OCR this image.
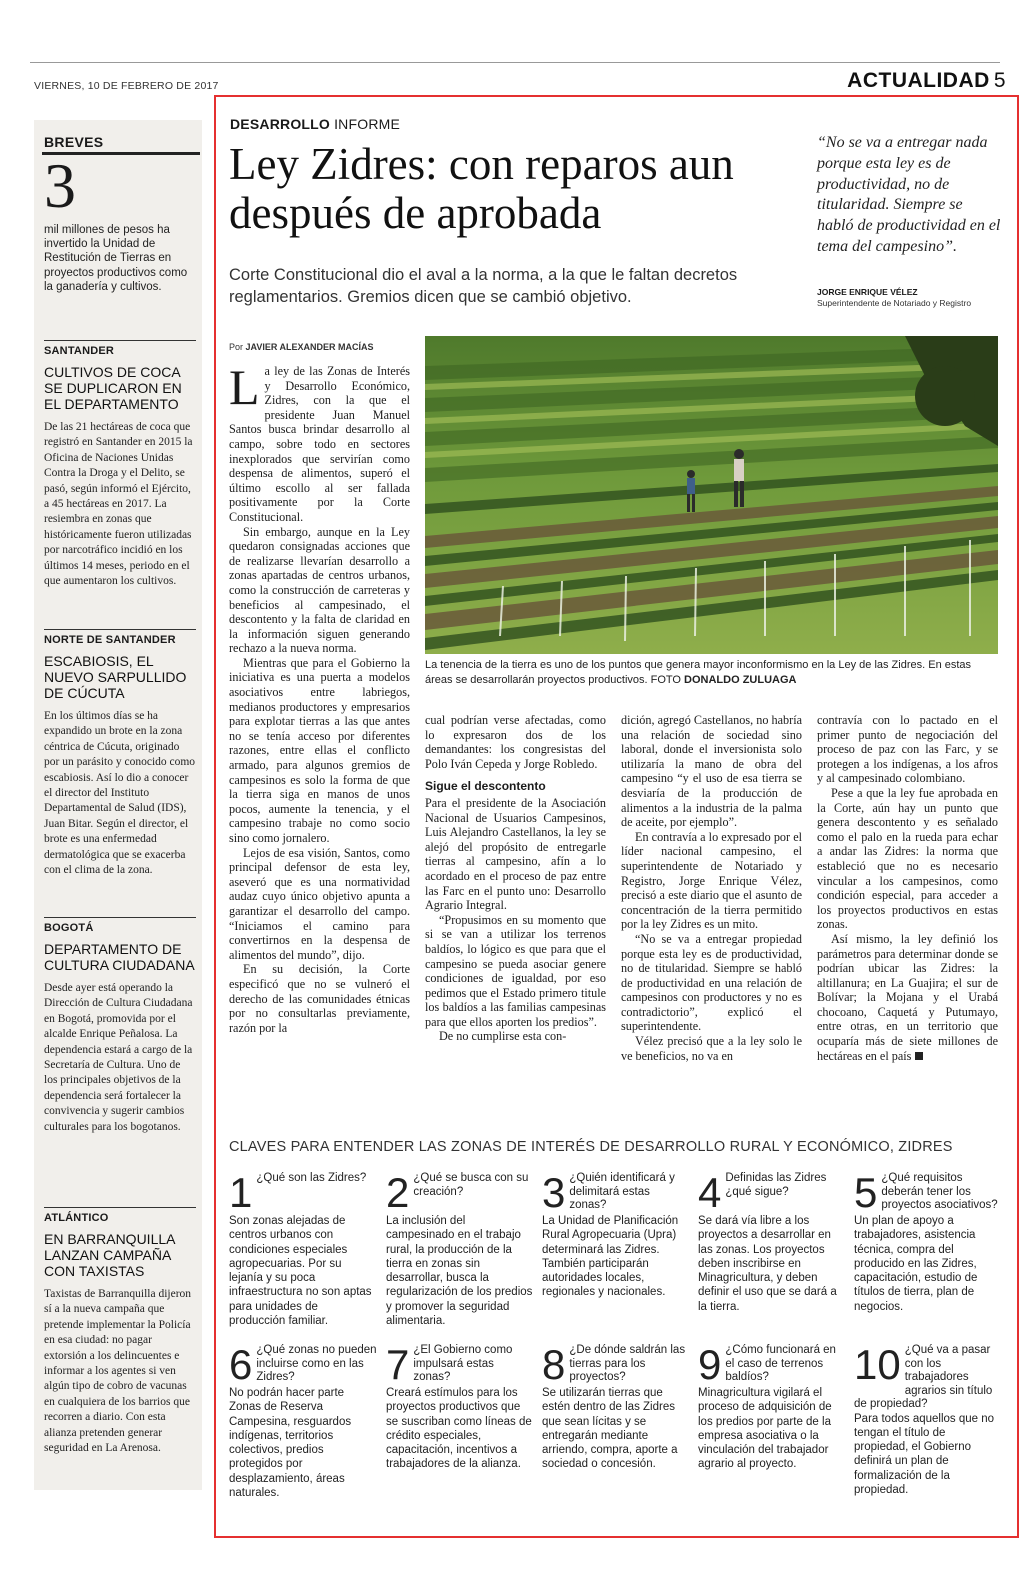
VIERNES, 10 DE FEBRERO DE 2017	ACTUALIDAD 5
BREVES
3
mil millones de pesos ha invertido la Unidad de Restitución de Tierras en proyectos productivos como la ganadería y cultivos.
SANTANDER
CULTIVOS DE COCA SE DUPLICARON EN EL DEPARTAMENTO
De las 21 hectáreas de coca que registró en Santander en 2015 la Oficina de Naciones Unidas Contra la Droga y el Delito, se pasó, según informó el Ejército, a 45 hectáreas en 2017. La resiembra en zonas que históricamente fueron utilizadas por narcotráfico incidió en los últimos 14 meses, periodo en el que aumentaron los cultivos.
NORTE DE SANTANDER
ESCABIOSIS, EL NUEVO SARPULLIDO DE CÚCUTA
En los últimos días se ha expandido un brote en la zona céntrica de Cúcuta, originado por un parásito y conocido como escabiosis. Así lo dio a conocer el director del Instituto Departamental de Salud (IDS), Juan Bitar. Según el director, el brote es una enfermedad dermatológica que se exacerba con el clima de la zona.
BOGOTÁ
DEPARTAMENTO DE CULTURA CIUDADANA
Desde ayer está operando la Dirección de Cultura Ciudadana en Bogotá, promovida por el alcalde Enrique Peñalosa. La dependencia estará a cargo de la Secretaría de Cultura. Uno de los principales objetivos de la dependencia será fortalecer la convivencia y sugerir cambios culturales para los bogotanos.
ATLÁNTICO
EN BARRANQUILLA LANZAN CAMPAÑA CON TAXISTAS
Taxistas de Barranquilla dijeron sí a la nueva campaña que pretende implementar la Policía en esa ciudad: no pagar extorsión a los delincuentes e informar a los agentes si ven algún tipo de cobro de vacunas en cualquiera de los barrios que recorren a diario. Con esta alianza pretenden generar seguridad en La Arenosa.
DESARROLLO INFORME
Ley Zidres: con reparos aun después de aprobada
Corte Constitucional dio el aval a la norma, a la que le faltan decretos reglamentarios. Gremios dicen que se cambió objetivo.
“No se va a entregar nada porque esta ley es de productividad, no de titularidad. Siempre se habló de productividad en el tema del campesino”.
JORGE ENRIQUE VÉLEZ
Superintendente de Notariado y Registro
Por JAVIER ALEXANDER MACÍAS
La tenencia de la tierra es uno de los puntos que genera mayor inconformismo en la Ley de las Zidres. En estas áreas se desarrollarán proyectos productivos. FOTO DONALDO ZULUAGA

La ley de las Zonas de Interés y Desarrollo Económico, Zidres, con la que el presidente Juan Manuel Santos busca brindar desarrollo al campo, sobre todo en sectores inexplorados que servirían como despensa de alimentos, superó el último escollo al ser fallada positivamente por la Corte Constitucional.

Sin embargo, aunque en la Ley quedaron consignadas acciones que de realizarse llevarían desarrollo a zonas apartadas de centros urbanos, como la construcción de carreteras y beneficios al campesinado, el descontento y la falta de claridad en la información siguen generando rechazo a la nueva norma.

Mientras que para el Gobierno la iniciativa es una puerta a modelos asociativos entre labriegos, medianos productores y empresarios para explotar tierras a las que antes no se tenía acceso por diferentes razones, entre ellas el conflicto armado, para algunos gremios de campesinos es solo la forma de que la tierra siga en manos de unos pocos, aumente la tenencia, y el campesino trabaje no como socio sino como jornalero.

Lejos de esa visión, Santos, como principal defensor de esta ley, aseveró que es una normatividad audaz cuyo único objetivo apunta a garantizar el desarrollo del campo. “Iniciamos el camino para convertirnos en la despensa de alimentos del mundo”, dijo.

En su decisión, la Corte especificó que no se vulneró el derecho de las comunidades étnicas por no consultarlas previamente, razón por la

cual podrían verse afectadas, como lo expresaron dos de los demandantes: los congresistas del Polo Iván Cepeda y Jorge Robledo.

Sigue el descontento

Para el presidente de la Asociación Nacional de Usuarios Campesinos, Luis Alejandro Castellanos, la ley se alejó del propósito de entregarle tierras al campesino, afín a lo acordado en el proceso de paz entre las Farc en el punto uno: Desarrollo Agrario Integral.

“Propusimos en su momento que si se van a utilizar los terrenos baldíos, lo lógico es que para que el campesino se pueda asociar genere condiciones de igualdad, por eso pedimos que el Estado primero titule los baldíos a las familias campesinas para que ellos aporten los predios”.

De no cumplirse esta con-

dición, agregó Castellanos, no habría una relación de sociedad sino laboral, donde el inversionista solo utilizaría la mano de obra del campesino “y el uso de esa tierra se desviaría de la producción de alimentos a la industria de la palma de aceite, por ejemplo”.

En contravía a lo expresado por el líder nacional campesino, el superintendente de Notariado y Registro, Jorge Enrique Vélez, precisó a este diario que el asunto de concentración de la tierra permitido por la ley Zidres es un mito.

“No se va a entregar propiedad porque esta ley es de productividad, no de titularidad. Siempre se habló de productividad en una relación de campesinos con productores y no es contradictorio”, explicó el superintendente.

Vélez precisó que a la ley solo le ve beneficios, no va en

contravía con lo pactado en el primer punto de negociación del proceso de paz con las Farc, y se protegen a los indígenas, a los afros y al campesinado colombiano.

Pese a que la ley fue aprobada en la Corte, aún hay un punto que genera descontento y es señalado como el palo en la rueda para echar a andar las Zidres: la norma que estableció que no es necesario vincular a los campesinos, como condición especial, para acceder a los proyectos productivos en estas zonas.

Así mismo, la ley definió los parámetros para determinar donde se podrían ubicar las Zidres: la altillanura; en La Guajira; el sur de Bolívar; la Mojana y el Urabá chocoano, Caquetá y Putumayo, entre otras, en un territorio que ocuparía más de siete millones de hectáreas en el país

CLAVES PARA ENTENDER LAS ZONAS DE INTERÉS DE DESARROLLO RURAL Y ECONÓMICO, ZIDRES
1 ¿Qué son las Zidres?
Son zonas alejadas de centros urbanos con condiciones especiales agropecuarias. Por su lejanía y su poca infraestructura no son aptas para unidades de producción familiar.
2 ¿Qué se busca con su creación?
La inclusión del campesinado en el trabajo rural, la producción de la tierra en zonas sin desarrollar, busca la regularización de los predios y promover la seguridad alimentaria.
3 ¿Quién identificará y delimitará estas zonas?
La Unidad de Planificación Rural Agropecuaria (Upra) determinará las Zidres. También participarán autoridades locales, regionales y nacionales.
4 Definidas las Zidres ¿qué sigue?
Se dará vía libre a los proyectos a desarrollar en las zonas. Los proyectos deben inscribirse en Minagricultura, y deben definir el uso que se dará a la tierra.
5 ¿Qué requisitos deberán tener los proyectos asociativos?
Un plan de apoyo a trabajadores, asistencia técnica, compra del producido en las Zidres, capacitación, estudio de títulos de tierra, plan de negocios.
6 ¿Qué zonas no pueden incluirse como en las Zidres?
No podrán hacer parte Zonas de Reserva Campesina, resguardos indígenas, territorios colectivos, predios protegidos por desplazamiento, áreas naturales.
7 ¿El Gobierno como impulsará estas zonas?
Creará estímulos para los proyectos productivos que se suscriban como líneas de crédito especiales, capacitación, incentivos a trabajadores de la alianza.
8 ¿De dónde saldrán las tierras para los proyectos?
Se utilizarán tierras que estén dentro de las Zidres que sean lícitas y se entregarán mediante arriendo, compra, aporte a sociedad o concesión.
9 ¿Cómo funcionará en el caso de terrenos baldíos?
Minagricultura vigilará el proceso de adquisición de los predios por parte de la empresa asociativa o la vinculación del trabajador agrario al proyecto.
10 ¿Qué va a pasar con los trabajadores agrarios sin título de propiedad?
Para todos aquellos que no tengan el título de propiedad, el Gobierno definirá un plan de formalización de la propiedad.
